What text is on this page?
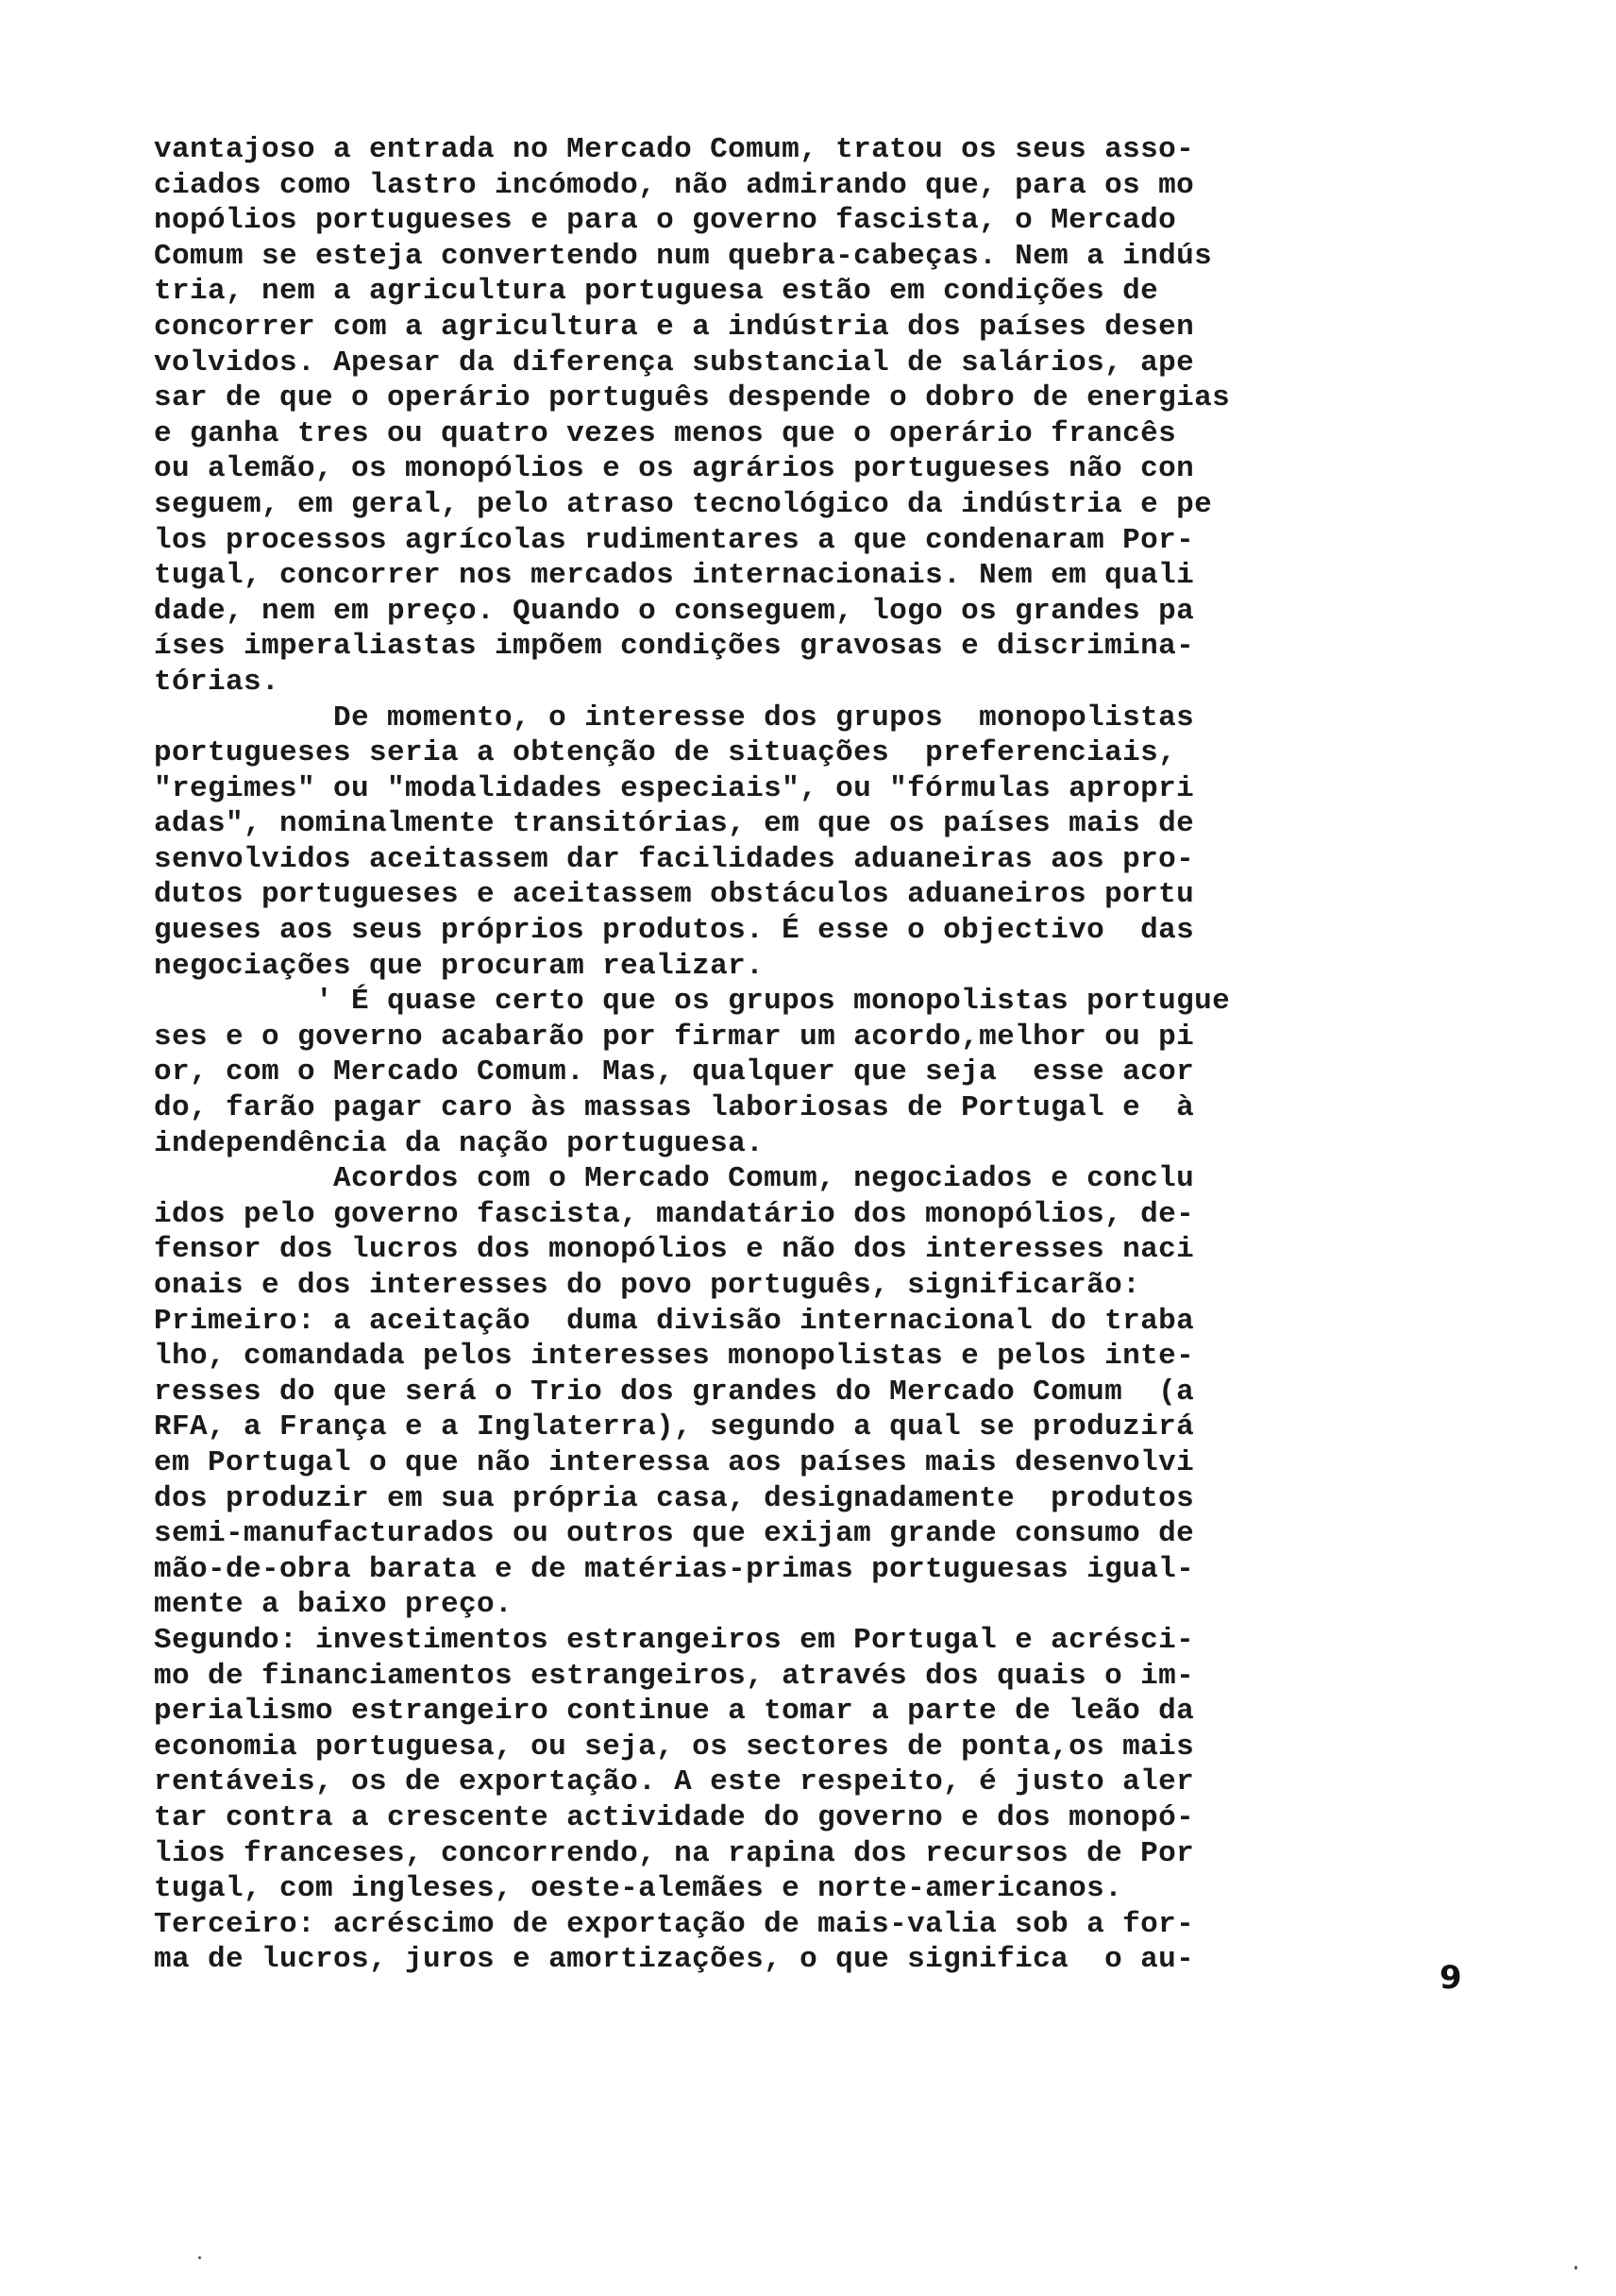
vantajoso a entrada no Mercado Comum, tratou os seus asso-
ciados como lastro incómodo, não admirando que, para os mo
nopólios portugueses e para o governo fascista, o Mercado
Comum se esteja convertendo num quebra-cabeças. Nem a indús
tria, nem a agricultura portuguesa estão em condições de
concorrer com a agricultura e a indústria dos países desen
volvidos. Apesar da diferença substancial de salários, ape
sar de que o operário português despende o dobro de energias
e ganha tres ou quatro vezes menos que o operário francês
ou alemão, os monopólios e os agrários portugueses não con
seguem, em geral, pelo atraso tecnológico da indústria e pe
los processos agrícolas rudimentares a que condenaram Por-
tugal, concorrer nos mercados internacionais. Nem em quali
dade, nem em preço. Quando o conseguem, logo os grandes pa
íses imperaliastas impõem condições gravosas e discrimina-
tórias.
De momento, o interesse dos grupos  monopolistas
portugueses seria a obtenção de situações  preferenciais,
"regimes" ou "modalidades especiais", ou "fórmulas apropri
adas", nominalmente transitórias, em que os países mais de
senvolvidos aceitassem dar facilidades aduaneiras aos pro-
dutos portugueses e aceitassem obstáculos aduaneiros portu
gueses aos seus próprios produtos. É esse o objectivo  das
negociações que procuram realizar.
' É quase certo que os grupos monopolistas portugue
ses e o governo acabarão por firmar um acordo,melhor ou pi
or, com o Mercado Comum. Mas, qualquer que seja  esse acor
do, farão pagar caro às massas laboriosas de Portugal e  à
independência da nação portuguesa.
Acordos com o Mercado Comum, negociados e conclu
idos pelo governo fascista, mandatário dos monopólios, de-
fensor dos lucros dos monopólios e não dos interesses naci
onais e dos interesses do povo português, significarão:
Primeiro: a aceitação  duma divisão internacional do traba
lho, comandada pelos interesses monopolistas e pelos inte-
resses do que será o Trio dos grandes do Mercado Comum  (a
RFA, a França e a Inglaterra), segundo a qual se produzirá
em Portugal o que não interessa aos países mais desenvolvi
dos produzir em sua própria casa, designadamente  produtos
semi-manufacturados ou outros que exijam grande consumo de
mão-de-obra barata e de matérias-primas portuguesas igual-
mente a baixo preço.
Segundo: investimentos estrangeiros em Portugal e acrésci-
mo de financiamentos estrangeiros, através dos quais o im-
perialismo estrangeiro continue a tomar a parte de leão da
economia portuguesa, ou seja, os sectores de ponta,os mais
rentáveis, os de exportação. A este respeito, é justo aler
tar contra a crescente actividade do governo e dos monopó-
lios franceses, concorrendo, na rapina dos recursos de Por
tugal, com ingleses, oeste-alemães e norte-americanos.
Terceiro: acréscimo de exportação de mais-valia sob a for-
ma de lucros, juros e amortizações, o que significa  o au-	9
